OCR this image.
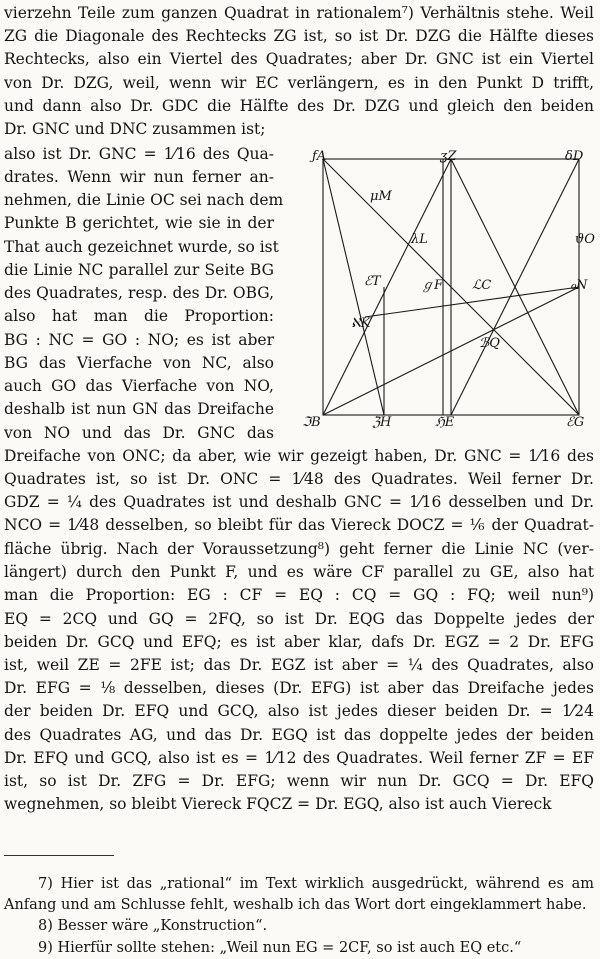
vierzehn Teile zum ganzen Quadrat in rationalem⁷) Verhältnis stehe. Weil
ZG die Diagonale des Rechtecks ZG ist, so ist Dr. DZG die Hälfte dieses
Rechtecks, also ein Viertel des Quadrates; aber Dr. GNC ist ein Viertel
von Dr. DZG, weil, wenn wir EC verlängern, es in den Punkt D trifft,
und dann also Dr. GDC die Hälfte des Dr. DZG und gleich den beiden
Dr. GNC und DNC zusammen ist;
also ist Dr. GNC = 1⁄16 des Qua-
drates. Wenn wir nun ferner an-
nehmen, die Linie OC sei nach dem
Punkte B gerichtet, wie sie in der
That auch gezeichnet wurde, so ist
die Linie NC parallel zur Seite BG
des Quadrates, resp. des Dr. OBG,
also hat man die Proportion:
BG : NC = GO : NO; es ist aber
BG das Vierfache von NC, also
auch GO das Vierfache von NO,
deshalb ist nun GN das Dreifache
von NO und das Dr. GNC das
Dreifache von ONC; da aber, wie wir gezeigt haben, Dr. GNC = 1⁄16 des
Quadrates ist, so ist Dr. ONC = 1⁄48 des Quadrates. Weil ferner Dr.
GDZ = ¼ des Quadrates ist und deshalb GNC = 1⁄16 desselben und Dr.
NCO = 1⁄48 desselben, so bleibt für das Viereck DOCZ = ⅙ der Quadrat-
fläche übrig. Nach der Voraussetzung⁸) geht ferner die Linie NC (ver-
längert) durch den Punkt F, und es wäre CF parallel zu GE, also hat
man die Proportion: EG : CF = EQ : CQ = GQ : FQ; weil nun⁹)
EQ = 2CQ und GQ = 2FQ, so ist Dr. EQG das Doppelte jedes der
beiden Dr. GCQ und EFQ; es ist aber klar, dafs Dr. EGZ = 2 Dr. EFG
ist, weil ZE = 2FE ist; das Dr. EGZ ist aber = ¼ des Quadrates, also
Dr. EFG = ⅛ desselben, dieses (Dr. EFG) ist aber das Dreifache jedes
der beiden Dr. EFQ und GCQ, also ist jedes dieser beiden Dr. = 1⁄24
des Quadrates AG, und das Dr. EGQ ist das doppelte jedes der beiden
Dr. EFQ und GCQ, also ist es = 1⁄12 des Quadrates. Weil ferner ZF = EF
ist, so ist Dr. ZFG = Dr. EFG; wenn wir nun Dr. GCQ = Dr. EFQ
wegnehmen, so bleibt Viereck FQCZ = Dr. EGQ, also ist auch Viereck
ƒA	ʒZ	δD
μM
λL	ϑO
ℰT	ℊF ℒC	ℴN
ℵK
ℬQ
ℑB	ℨH	ℌE	ℰG
7) Hier ist das „rational“ im Text wirklich ausgedrückt, während es am
Anfang und am Schlusse fehlt, weshalb ich das Wort dort eingeklammert habe.
8) Besser wäre „Konstruction“.
9) Hierfür sollte stehen: „Weil nun EG = 2CF, so ist auch EQ etc.“
